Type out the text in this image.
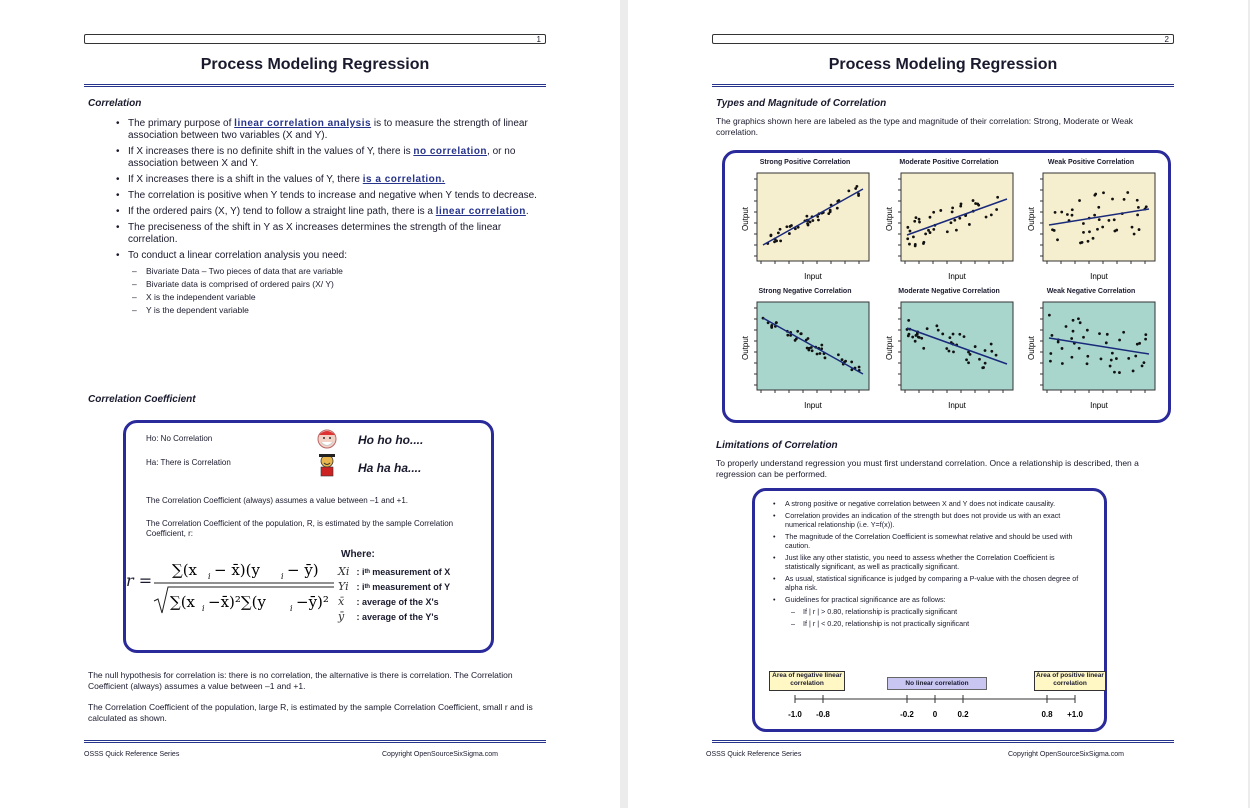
1
Process Modeling Regression
Correlation
• The primary purpose of linear correlation analysis is to measure the strength of linear association between two variables (X and Y).
• If X increases there is no definite shift in the values of Y, there is no correlation, or no association between X and Y.
• If X increases there is a shift in the values of Y, there is a correlation.
• The correlation is positive when Y tends to increase and negative when Y tends to decrease.
• If the ordered pairs (X, Y) tend to follow a straight line path, there is a linear correlation.
• The preciseness of the shift in Y as X increases determines the strength of the linear correlation.
• To conduct a linear correlation analysis you need:
– Bivariate Data – Two pieces of data that are variable
– Bivariate data is comprised of ordered pairs (X/ Y)
– X is the independent variable
– Y is the dependent variable
Correlation Coefficient
Ho: No Correlation
Ha: There is Correlation
Ho ho ho....
Ha ha ha....
The Correlation Coefficient (always) assumes a value between –1 and +1.
The Correlation Coefficient of the population, R, is estimated by the sample Correlation Coefficient, r:
r =
∑(x i − x̄)(y	i − ȳ)
∑(x i −x̄)²∑(y	i −ȳ)²
Where:
Xi : iᵗʰ measurement of X
Yi : iᵗʰ measurement of Y
x̄ : average of the X's
ȳ : average of the Y's
The null hypothesis for correlation is: there is no correlation, the alternative is there is correlation. The Correlation Coefficient (always) assumes a value between –1 and +1.
The Correlation Coefficient of the population, large R, is estimated by the sample Correlation Coefficient, small r and is calculated as shown.
OSSS Quick Reference Series	Copyright OpenSourceSixSigma.com
2
Process Modeling Regression
Types and Magnitude of Correlation
The graphics shown here are labeled as the type and magnitude of their correlation: Strong, Moderate or Weak correlation.
Strong Positive Correlation
Input
Output
Moderate Positive Correlation
Input
Output
Weak Positive Correlation
Input
Output
Strong Negative Correlation
Input
Output
Moderate Negative Correlation
Input
Output
Weak Negative Correlation
Input
Output
Limitations of Correlation
To properly understand regression you must first understand correlation. Once a relationship is described, then a regression can be performed.
• A strong positive or negative correlation between X and Y does not indicate causality.
• Correlation provides an indication of the strength but does not provide us with an exact numerical relationship (i.e. Y=f(x)).
• The magnitude of the Correlation Coefficient is somewhat relative and should be used with caution.
• Just like any other statistic, you need to assess whether the Correlation Coefficient is statistically significant, as well as practically significant.
• As usual, statistical significance is judged by comparing a P-value with the chosen degree of alpha risk.
• Guidelines for practical significance are as follows:
– If | r | > 0.80, relationship is practically significant
– If | r | < 0.20, relationship is not practically significant
Area of negative linear correlation	No linear correlation
Area of positive linear correlation
-1.0 -0.8	-0.2 0	0.2	0.8 +1.0
OSSS Quick Reference Series	Copyright OpenSourceSixSigma.com
